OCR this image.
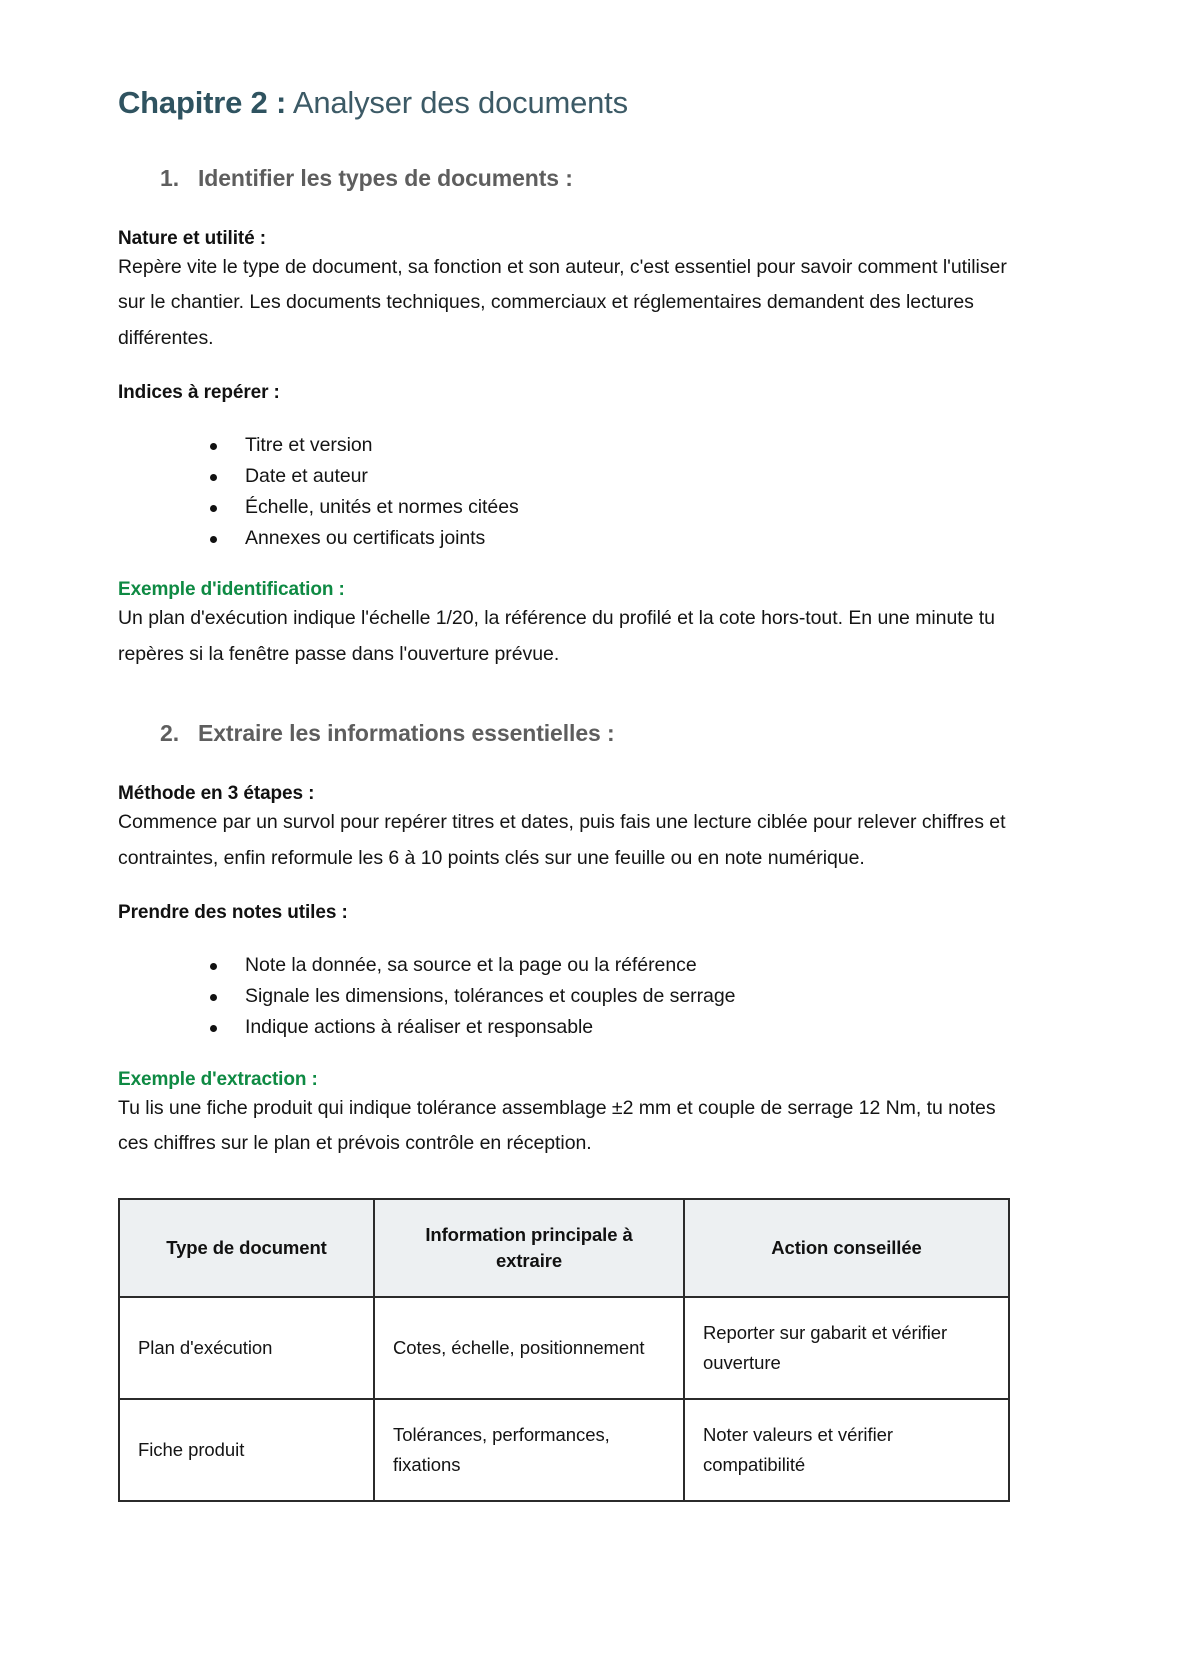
Chapitre 2 : Analyser des documents
1. Identifier les types de documents :
Nature et utilité :

Repère vite le type de document, sa fonction et son auteur, c'est essentiel pour savoir comment l'utiliser sur le chantier. Les documents techniques, commerciaux et réglementaires demandent des lectures différentes.

Indices à repérer :
Titre et version
Date et auteur
Échelle, unités et normes citées
Annexes ou certificats joints
Exemple d'identification :

Un plan d'exécution indique l'échelle 1/20, la référence du profilé et la cote hors-tout. En une minute tu repères si la fenêtre passe dans l'ouverture prévue.

2. Extraire les informations essentielles :
Méthode en 3 étapes :

Commence par un survol pour repérer titres et dates, puis fais une lecture ciblée pour relever chiffres et contraintes, enfin reformule les 6 à 10 points clés sur une feuille ou en note numérique.

Prendre des notes utiles :
Note la donnée, sa source et la page ou la référence
Signale les dimensions, tolérances et couples de serrage
Indique actions à réaliser et responsable
Exemple d'extraction :

Tu lis une fiche produit qui indique tolérance assemblage ±2 mm et couple de serrage 12 Nm, tu notes ces chiffres sur le plan et prévois contrôle en réception.

Type de document	Information principale à extraire	Action conseillée
Plan d'exécution	Cotes, échelle, positionnement	Reporter sur gabarit et vérifier ouverture
Fiche produit	Tolérances, performances, fixations	Noter valeurs et vérifier compatibilité
